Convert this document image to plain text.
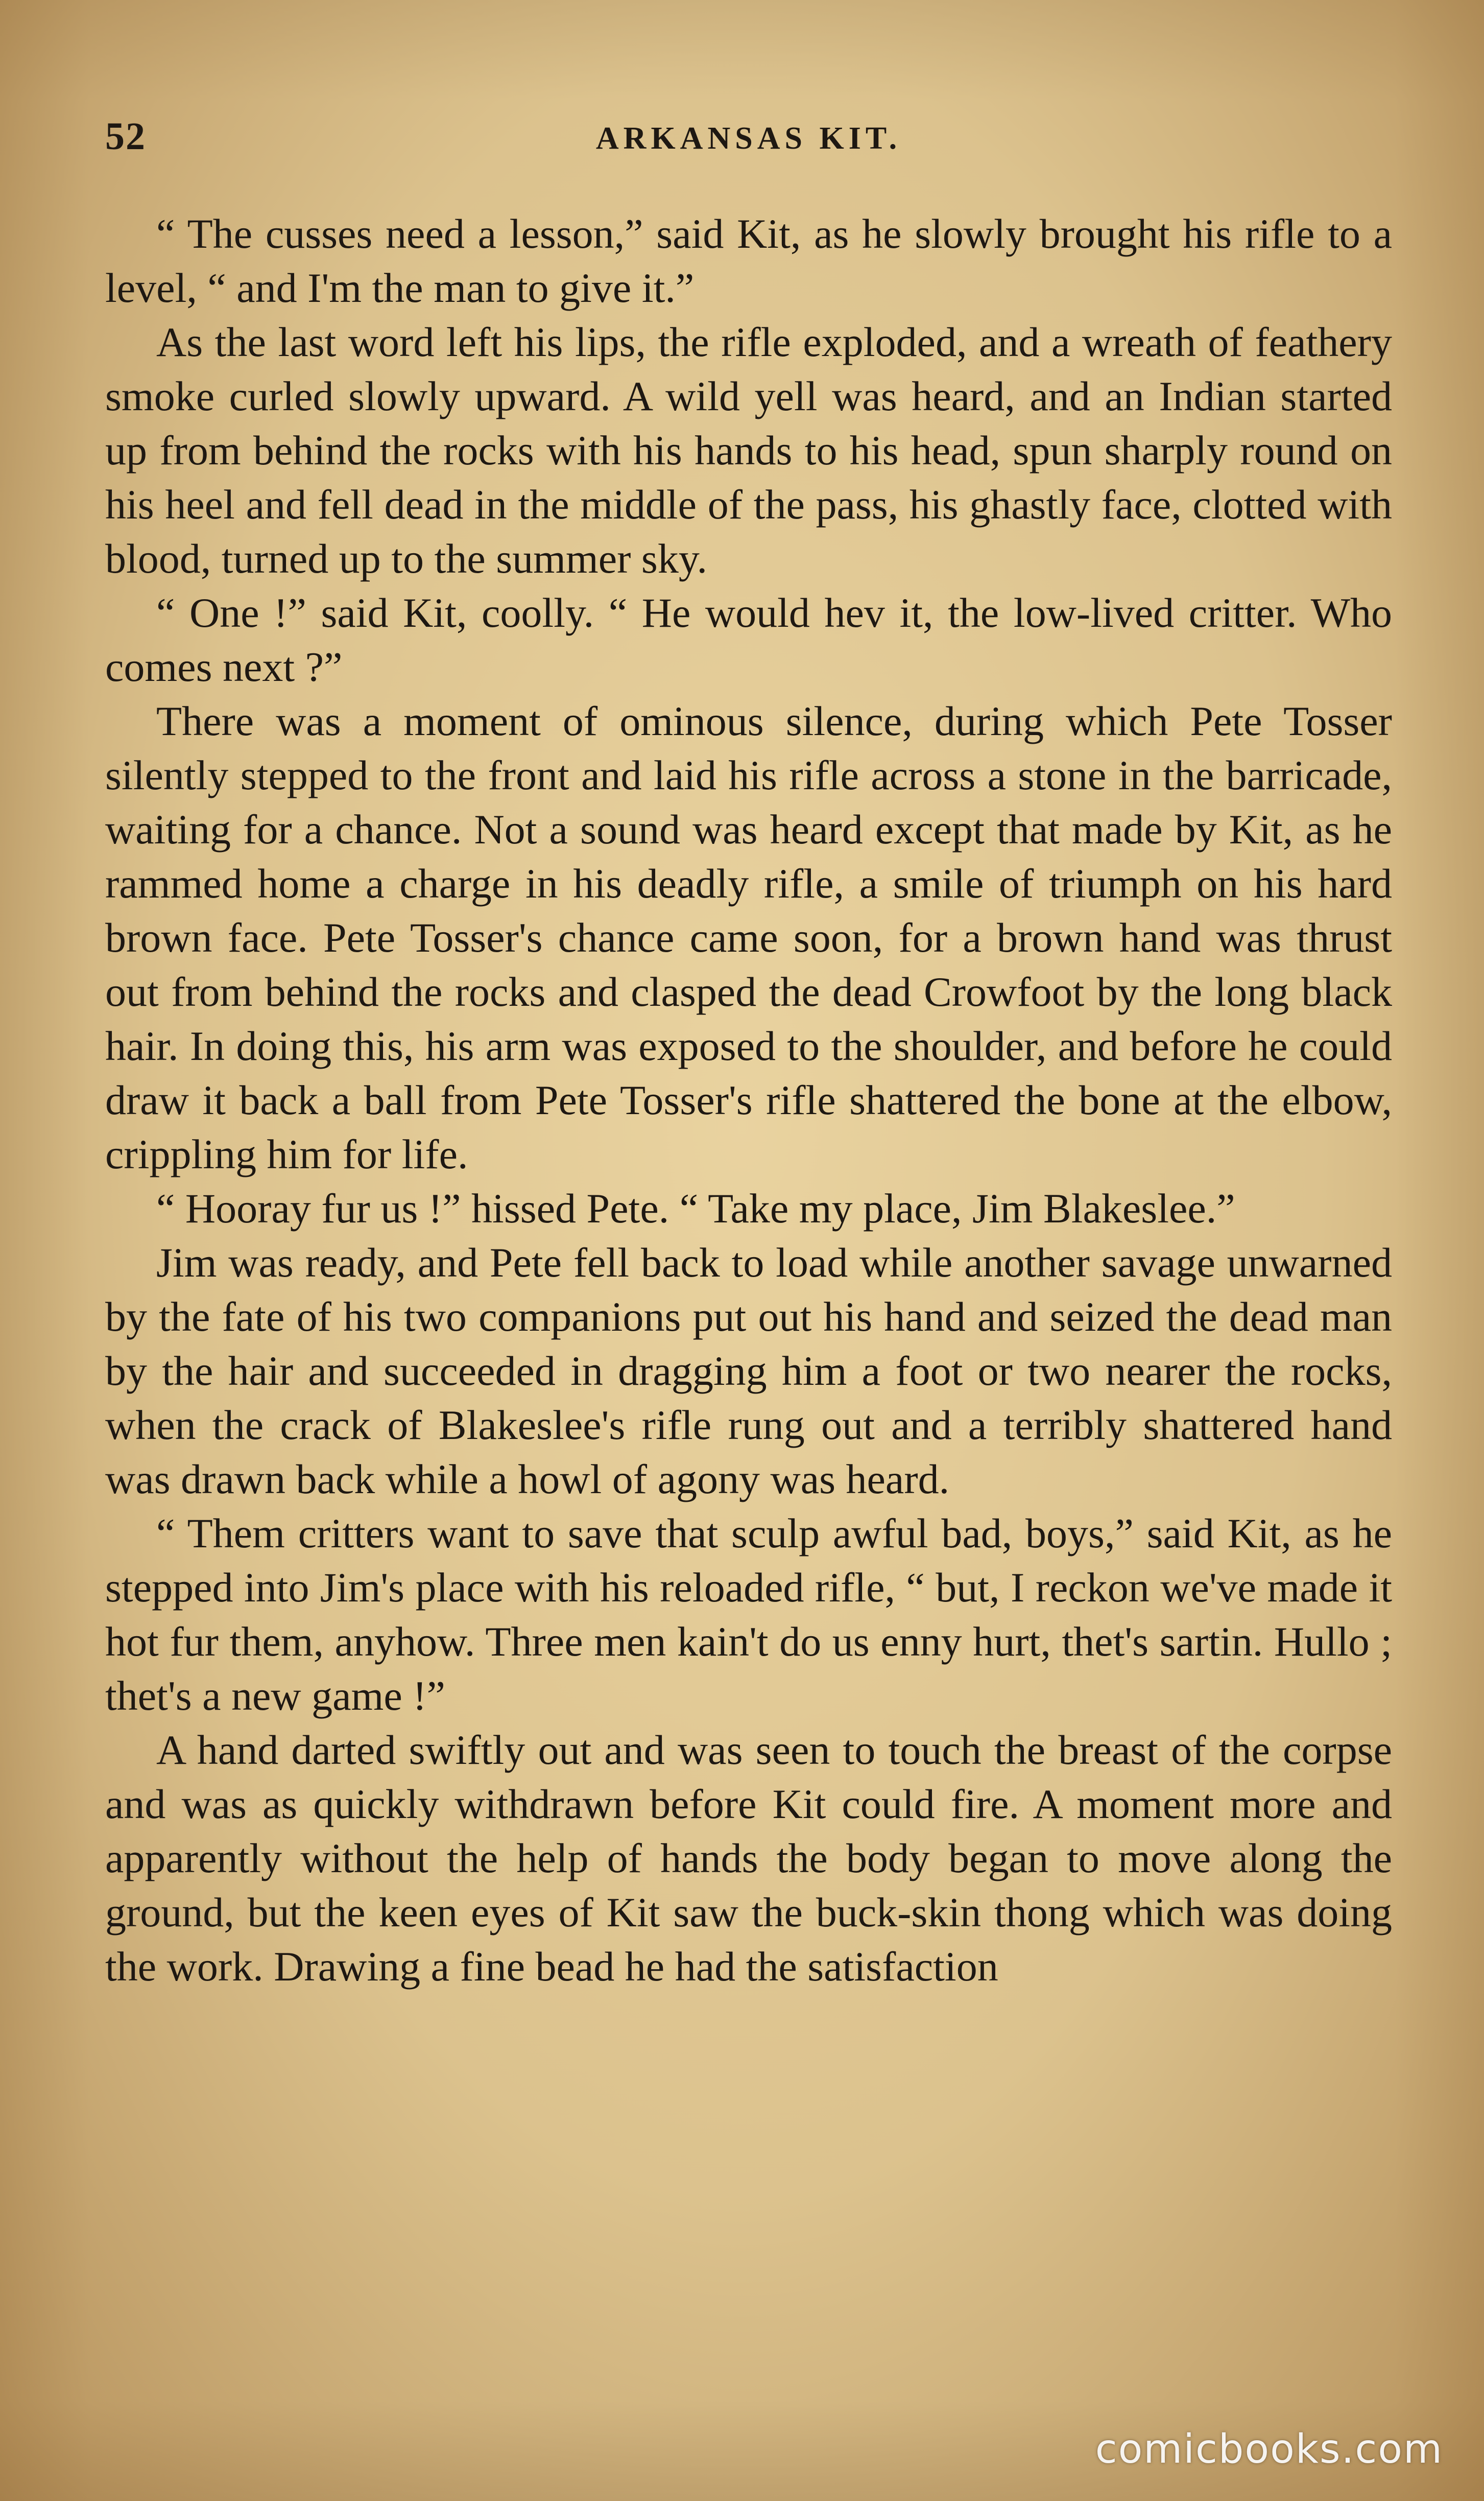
52	ARKANSAS KIT.

“ The cusses need a lesson,” said Kit, as he slowly brought his rifle to a level, “ and I'm the man to give it.”

As the last word left his lips, the rifle exploded, and a wreath of feathery smoke curled slowly upward. A wild yell was heard, and an Indian started up from behind the rocks with his hands to his head, spun sharply round on his heel and fell dead in the middle of the pass, his ghastly face, clotted with blood, turned up to the summer sky.

“ One !” said Kit, coolly. “ He would hev it, the low-lived critter. Who comes next ?”

There was a moment of ominous silence, during which Pete Tosser silently stepped to the front and laid his rifle across a stone in the barricade, waiting for a chance. Not a sound was heard except that made by Kit, as he rammed home a charge in his deadly rifle, a smile of triumph on his hard brown face. Pete Tosser's chance came soon, for a brown hand was thrust out from behind the rocks and clasped the dead Crowfoot by the long black hair. In doing this, his arm was exposed to the shoulder, and before he could draw it back a ball from Pete Tosser's rifle shattered the bone at the elbow, crippling him for life.

“ Hooray fur us !” hissed Pete. “ Take my place, Jim Blakeslee.”

Jim was ready, and Pete fell back to load while another savage unwarned by the fate of his two companions put out his hand and seized the dead man by the hair and succeeded in dragging him a foot or two nearer the rocks, when the crack of Blakeslee's rifle rung out and a terribly shattered hand was drawn back while a howl of agony was heard.

“ Them critters want to save that sculp awful bad, boys,” said Kit, as he stepped into Jim's place with his reloaded rifle, “ but, I reckon we've made it hot fur them, anyhow. Three men kain't do us enny hurt, thet's sartin. Hullo ; thet's a new game !”

A hand darted swiftly out and was seen to touch the breast of the corpse and was as quickly withdrawn before Kit could fire. A moment more and apparently without the help of hands the body began to move along the ground, but the keen eyes of Kit saw the buck-skin thong which was doing the work. Drawing a fine bead he had the satisfaction

comicbooks.com
